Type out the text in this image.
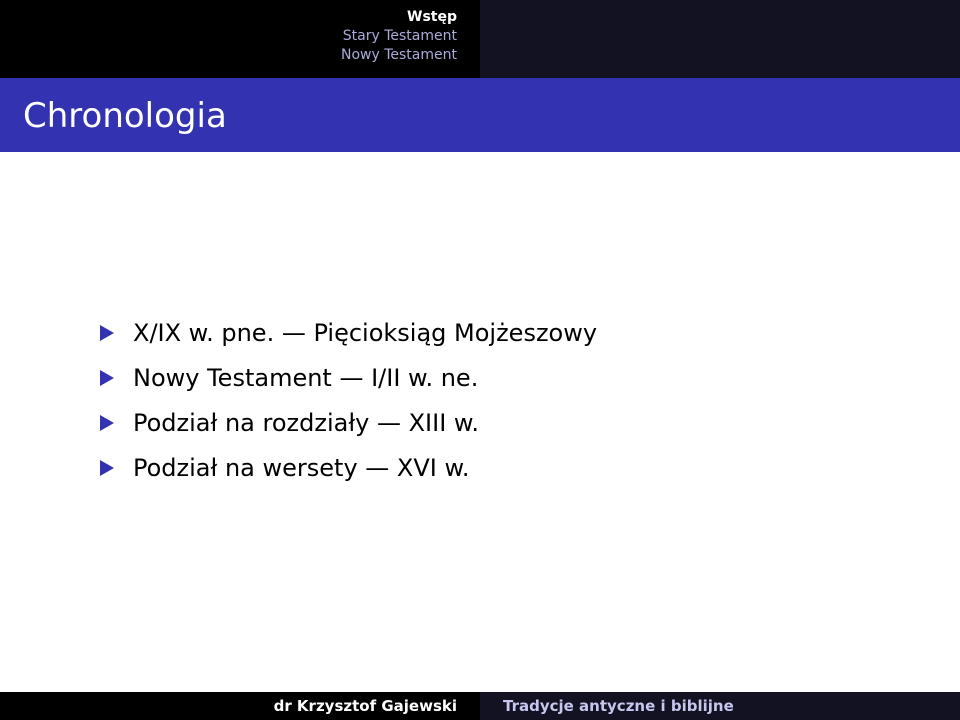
Wstęp
Stary Testament
Nowy Testament
Chronologia
X/IX w. pne. — Pięcioksiąg Mojżeszowy
Nowy Testament — I/II w. ne.
Podział na rozdziały — XIII w.
Podział na wersety — XVI w.
dr Krzysztof Gajewski	Tradycje antyczne i biblijne
